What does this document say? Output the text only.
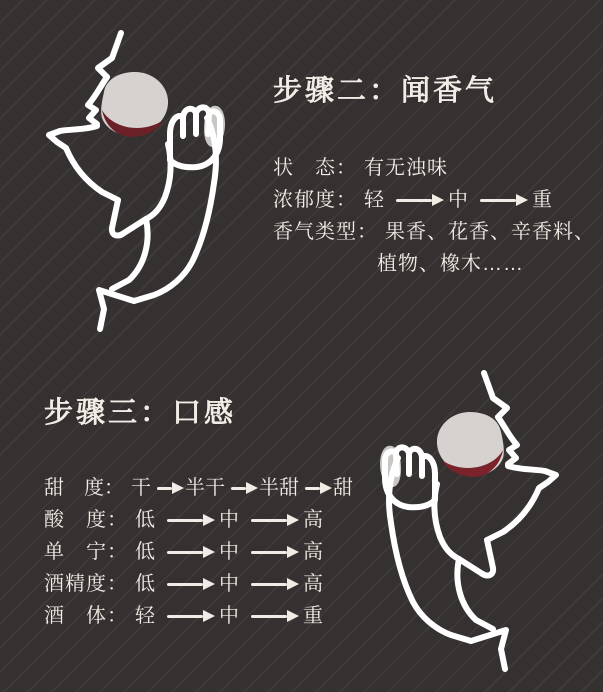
步骤二：闻香气
状　态： 有无浊味
浓郁度： 轻	中	重
香气类型： 果香、花香、辛香料、
植物、橡木……
步骤三：口感
甜　度： 干 半干 半甜 甜
酸　度： 低	中	高
单　宁： 低	中	高
酒精度： 低	中	高
酒　体： 轻	中	重
